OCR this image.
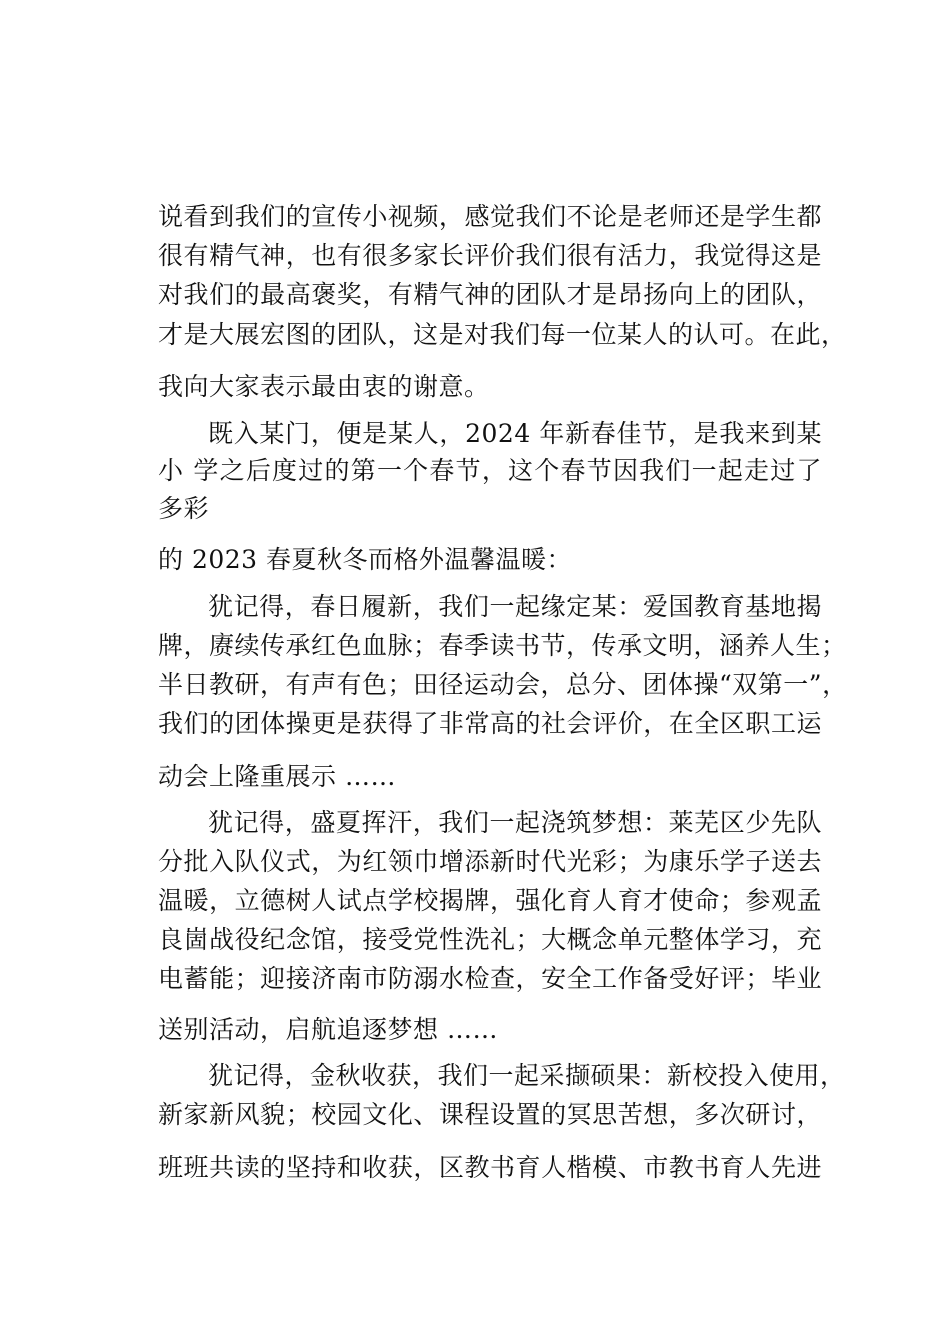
说看到我们的宣传小视频，感觉我们不论是老师还是学生都
很有精气神，也有很多家长评价我们很有活力，我觉得这是
对我们的最高褒奖，有精气神的团队才是昂扬向上的团队，
才是大展宏图的团队，这是对我们每一位某人的认可。在此，
我向大家表示最由衷的谢意。
既入某门，便是某人，2024 年新春佳节，是我来到某
小 学之后度过的第一个春节，这个春节因我们一起走过了
多彩
的 2023 春夏秋冬而格外温馨温暖：
犹记得，春日履新，我们一起缘定某：爱国教育基地揭
牌，赓续传承红色血脉；春季读书节，传承文明，涵养人生；
半日教研，有声有色；田径运动会，总分、团体操“双第一”，
我们的团体操更是获得了非常高的社会评价，在全区职工运
动会上隆重展示 ……
犹记得，盛夏挥汗，我们一起浇筑梦想：莱芜区少先队
分批入队仪式，为红领巾增添新时代光彩；为康乐学子送去
温暖，立德树人试点学校揭牌，强化育人育才使命；参观孟
良崮战役纪念馆，接受党性洗礼；大概念单元整体学习，充
电蓄能；迎接济南市防溺水检查，安全工作备受好评；毕业
送别活动，启航追逐梦想 ……
犹记得，金秋收获，我们一起采撷硕果：新校投入使用，
新家新风貌；校园文化、课程设置的冥思苦想，多次研讨，
班班共读的坚持和收获，区教书育人楷模、市教书育人先进
